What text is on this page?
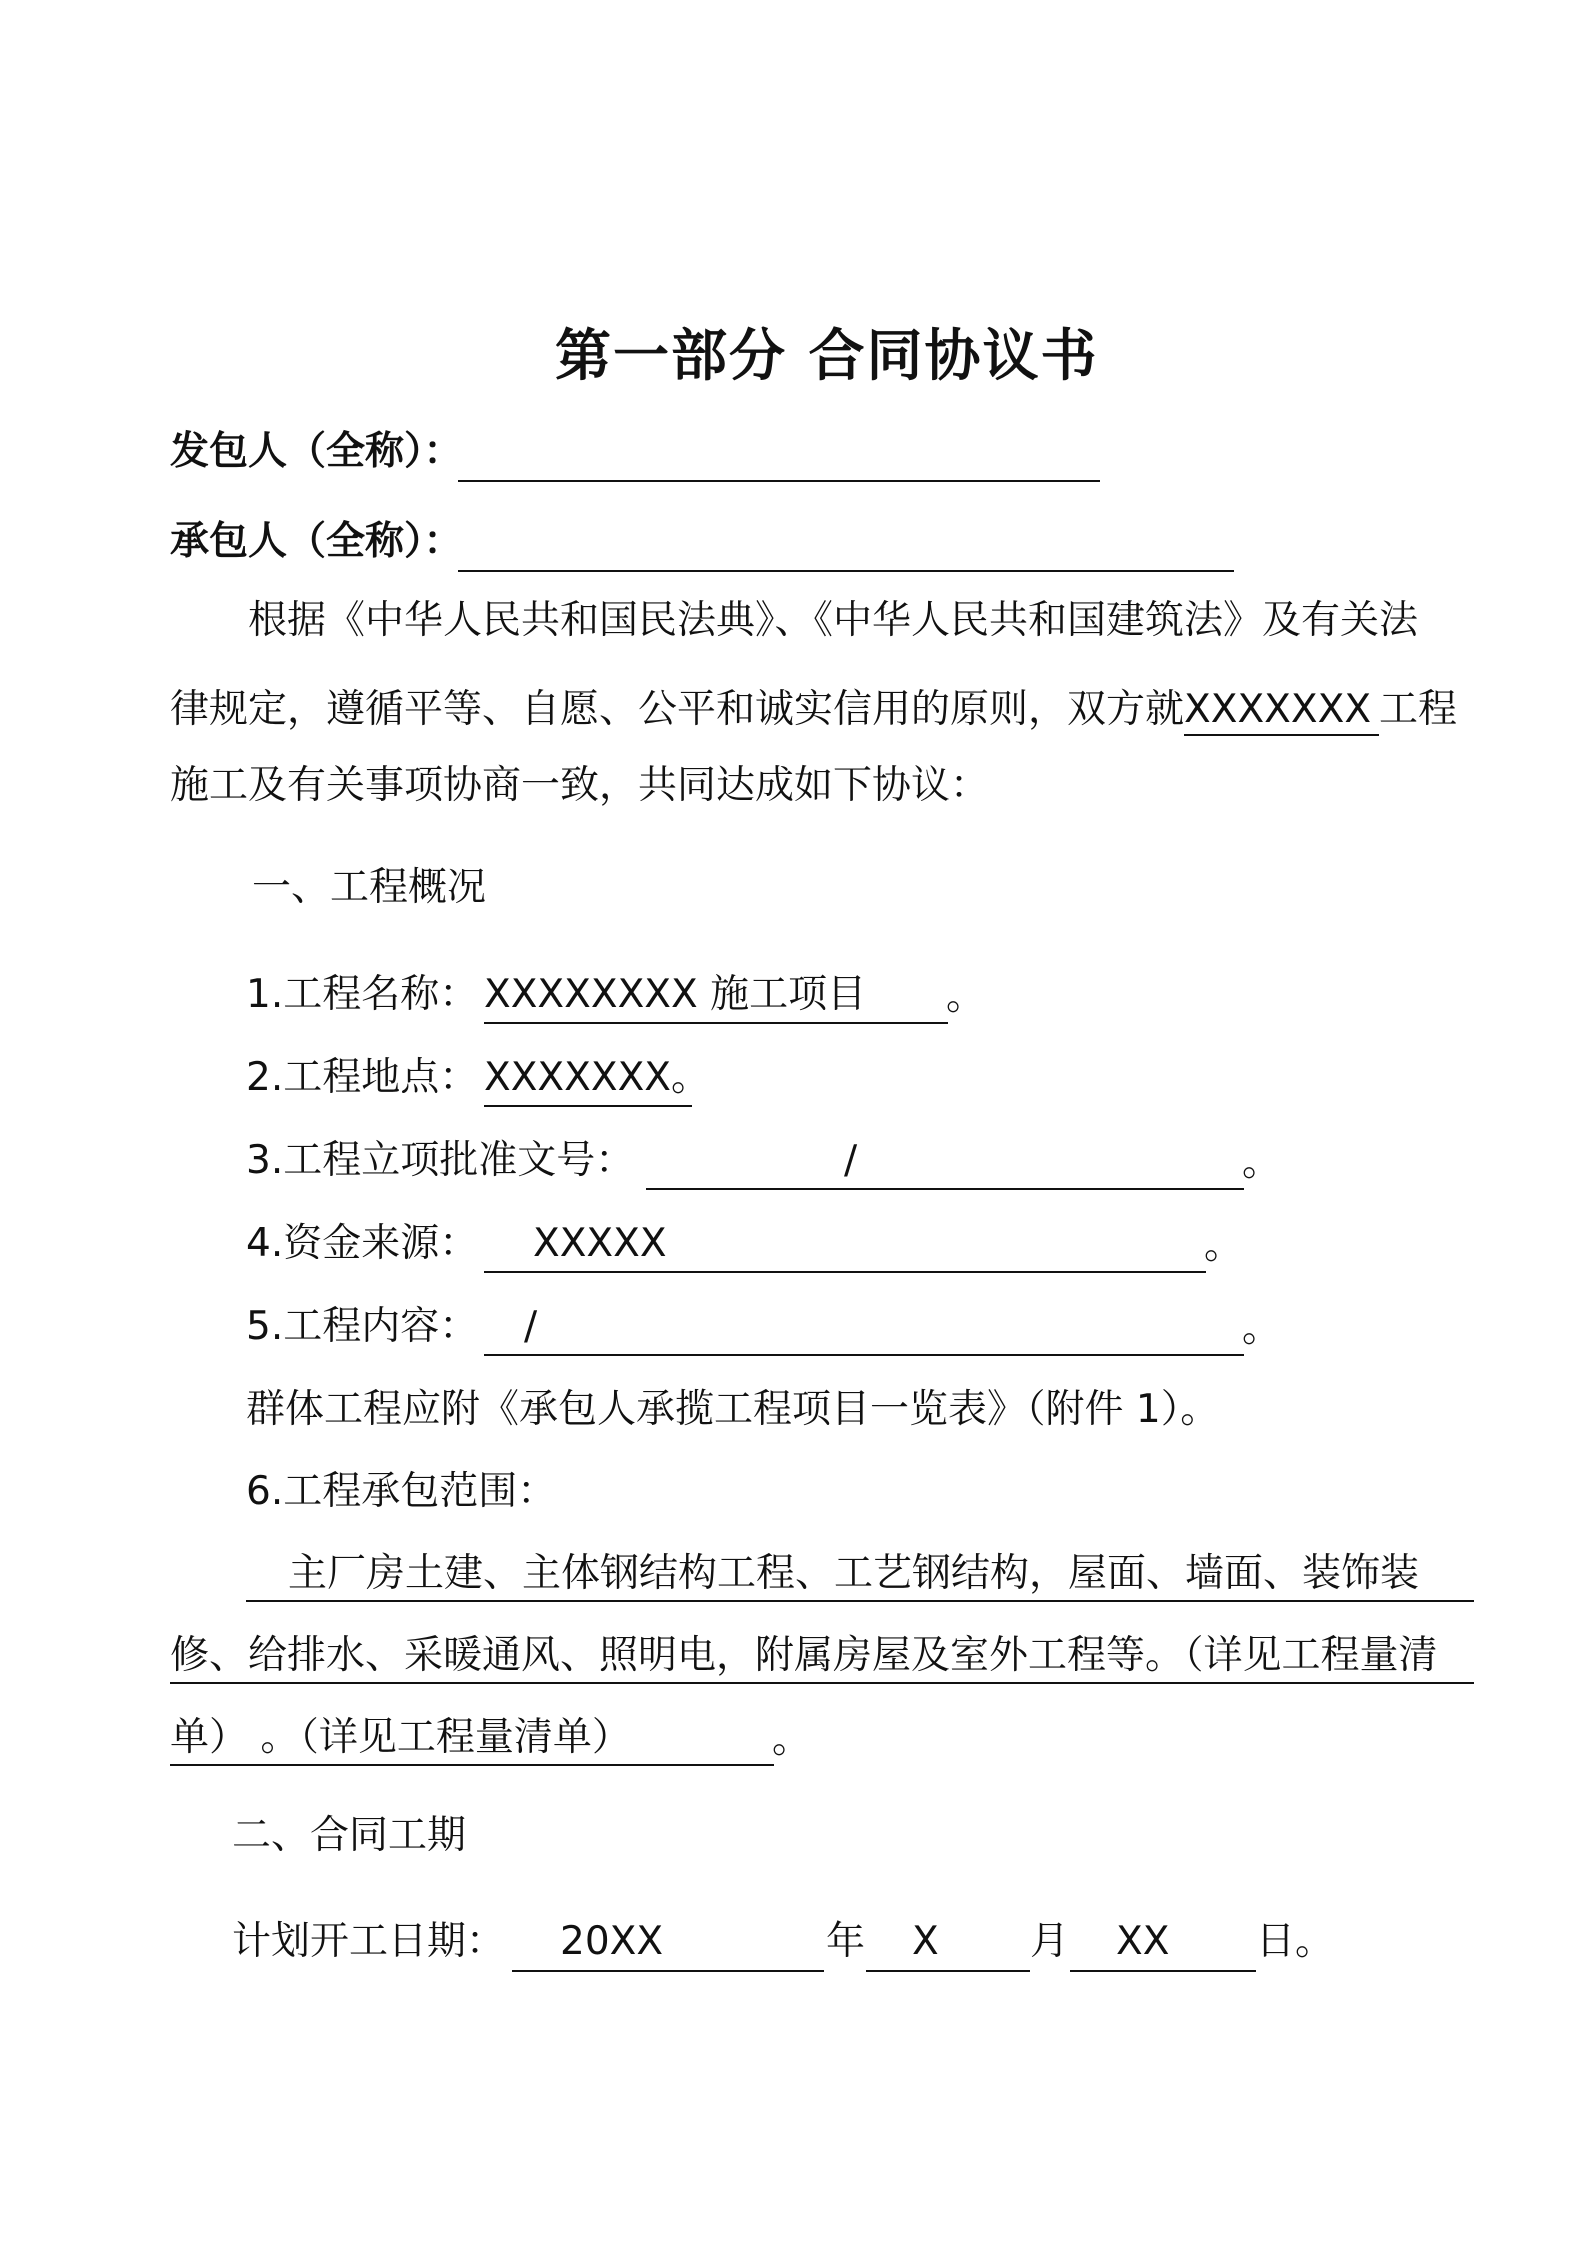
第一部分 合同协议书
发包人（全称）：
承包人（全称）：
根据《中华人民共和国民法典》、《中华人民共和国建筑法》及有关法
律规定，遵循平等、自愿、公平和诚实信用的原则，双方就XXXXXXX 工程
施工及有关事项协商一致，共同达成如下协议：
一、工程概况
1.工程名称： XXXXXXXX 施工项目 。
2.工程地点： XXXXXXX。
3.工程立项批准文号：	/	。
4.资金来源： XXXXX	。
5.工程内容： /	。
群体工程应附《承包人承揽工程项目一览表》（附件 1）。
6.工程承包范围：
主厂房土建、主体钢结构工程、工艺钢结构，屋面、墙面、装饰装
修、给排水、采暖通风、照明电，附属房屋及室外工程等。（详见工程量清
单） 。（详见工程量清单）	。
二、合同工期
计划开工日期： 20XX	年 X 月 XX 日。
